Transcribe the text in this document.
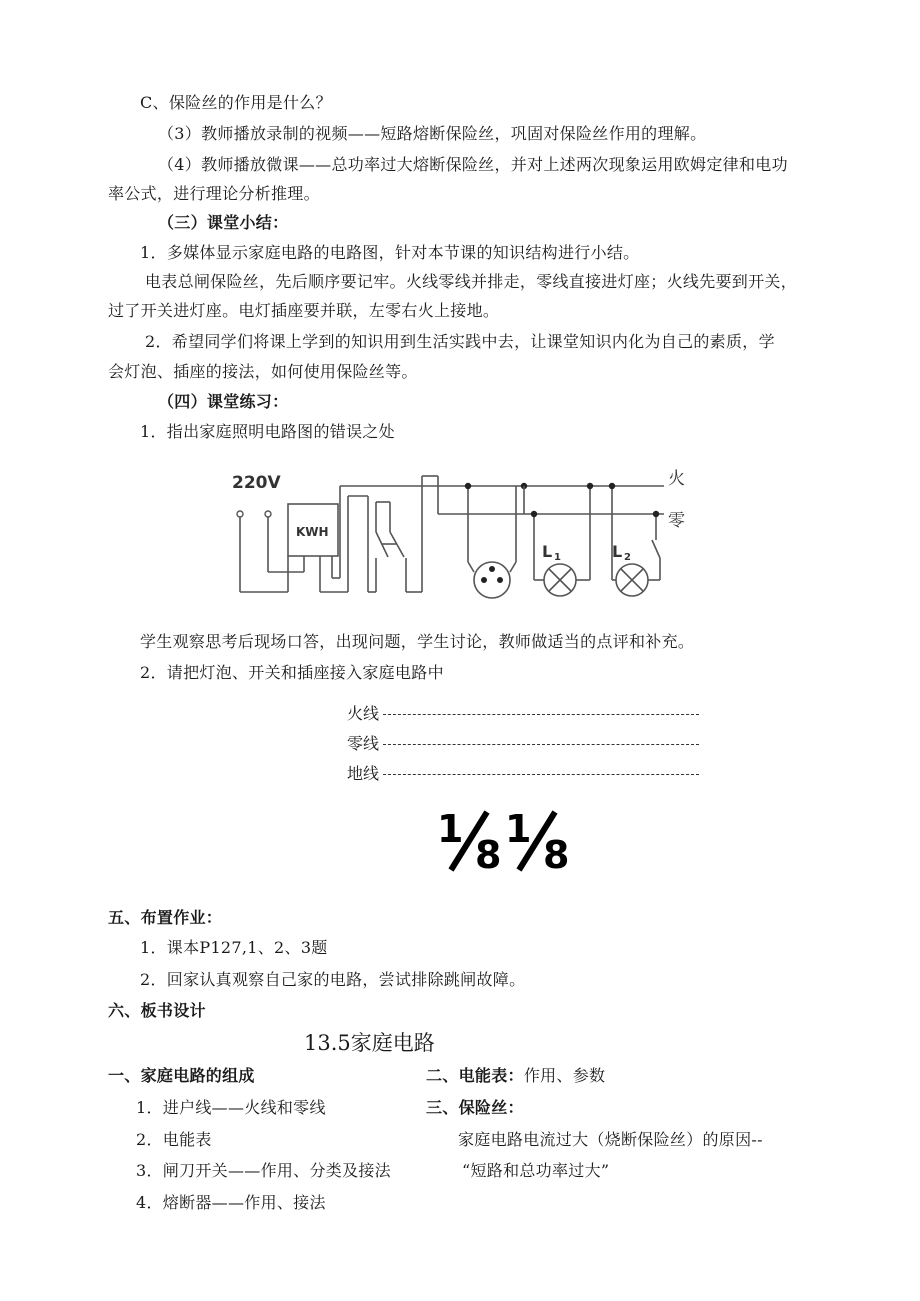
C、保险丝的作用是什么？
（3）教师播放录制的视频——短路熔断保险丝，巩固对保险丝作用的理解。
（4）教师播放微课——总功率过大熔断保险丝，并对上述两次现象运用欧姆定律和电功
率公式，进行理论分析推理。
（三）课堂小结：
1．多媒体显示家庭电路的电路图，针对本节课的知识结构进行小结。
电表总闸保险丝，先后顺序要记牢。火线零线并排走，零线直接进灯座；火线先要到开关，
过了开关进灯座。电灯插座要并联，左零右火上接地。
2．希望同学们将课上学到的知识用到生活实践中去，让课堂知识内化为自己的素质，学
会灯泡、插座的接法，如何使用保险丝等。
（四）课堂练习：
1．指出家庭照明电路图的错误之处
220V
KWH
火
零
L 1	L 2
学生观察思考后现场口答，出现问题，学生讨论，教师做适当的点评和补充。
2．请把灯泡、开关和插座接入家庭电路中
火线
零线
地线
1
8
1
8
五、布置作业：
1．课本P127,1、2、3题
2．回家认真观察自己家的电路，尝试排除跳闸故障。
六、板书设计
13.5家庭电路
一、家庭电路的组成
1．进户线——火线和零线
2．电能表
3．闸刀开关——作用、分类及接法
4．熔断器——作用、接法
二、电能表：作用、参数
三、保险丝：
家庭电路电流过大（烧断保险丝）的原因--
“短路和总功率过大”
